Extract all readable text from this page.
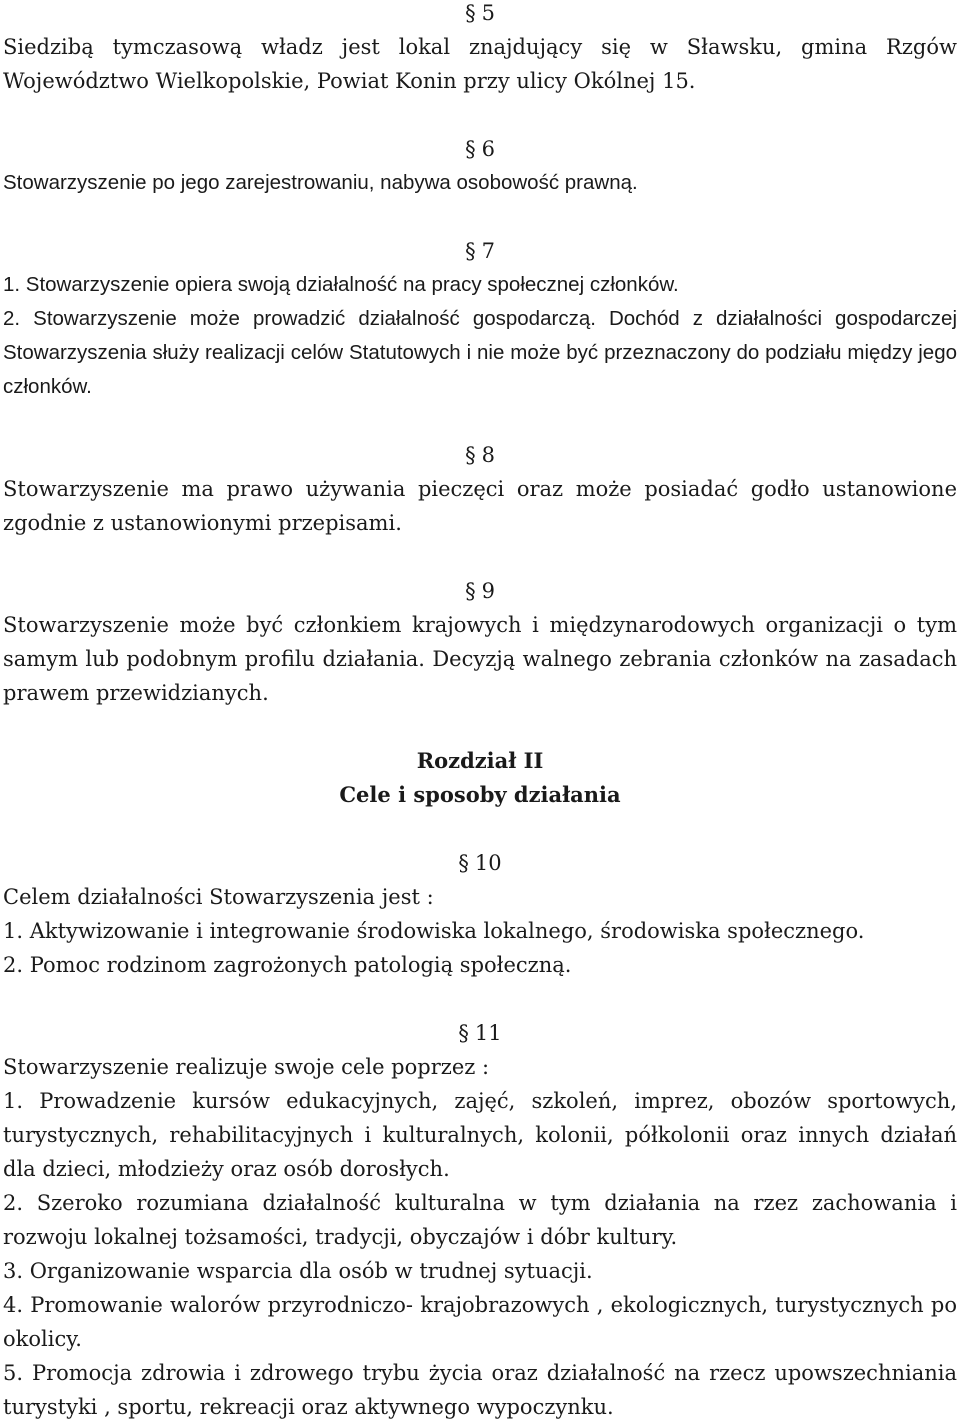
§ 5

Siedzibą tymczasową władz jest lokal znajdujący się w Sławsku, gmina Rzgów Województwo Wielkopolskie, Powiat Konin przy ulicy Okólnej 15.

§ 6

Stowarzyszenie po jego zarejestrowaniu, nabywa osobowość prawną.

§ 7

1. Stowarzyszenie opiera swoją działalność na pracy społecznej członków.

2. Stowarzyszenie może prowadzić działalność gospodarczą. Dochód z działalności gospodarczej Stowarzyszenia służy realizacji celów Statutowych i nie może być przeznaczony do podziału między jego członków.

§ 8

Stowarzyszenie ma prawo używania pieczęci oraz może posiadać godło ustanowione zgodnie z ustanowionymi przepisami.

§ 9

Stowarzyszenie może być członkiem krajowych i międzynarodowych organizacji o tym samym lub podobnym profilu działania. Decyzją walnego zebrania członków na zasadach prawem przewidzianych.

Rozdział II

Cele i sposoby działania

§ 10

Celem działalności Stowarzyszenia jest :

1. Aktywizowanie i integrowanie środowiska lokalnego, środowiska społecznego.

2. Pomoc rodzinom zagrożonych patologią społeczną.

§ 11

Stowarzyszenie realizuje swoje cele poprzez :

1. Prowadzenie kursów edukacyjnych, zajęć, szkoleń, imprez, obozów sportowych, turystycznych, rehabilitacyjnych i kulturalnych, kolonii, półkolonii oraz innych działań dla dzieci, młodzieży oraz osób dorosłych.

2. Szeroko rozumiana działalność kulturalna w tym działania na rzez zachowania i rozwoju lokalnej tożsamości, tradycji, obyczajów i dóbr kultury.

3. Organizowanie wsparcia dla osób w trudnej sytuacji.

4. Promowanie walorów przyrodniczo- krajobrazowych , ekologicznych, turystycznych po okolicy.

5. Promocja zdrowia i zdrowego trybu życia oraz działalność na rzecz upowszechniania turystyki , sportu, rekreacji oraz aktywnego wypoczynku.
